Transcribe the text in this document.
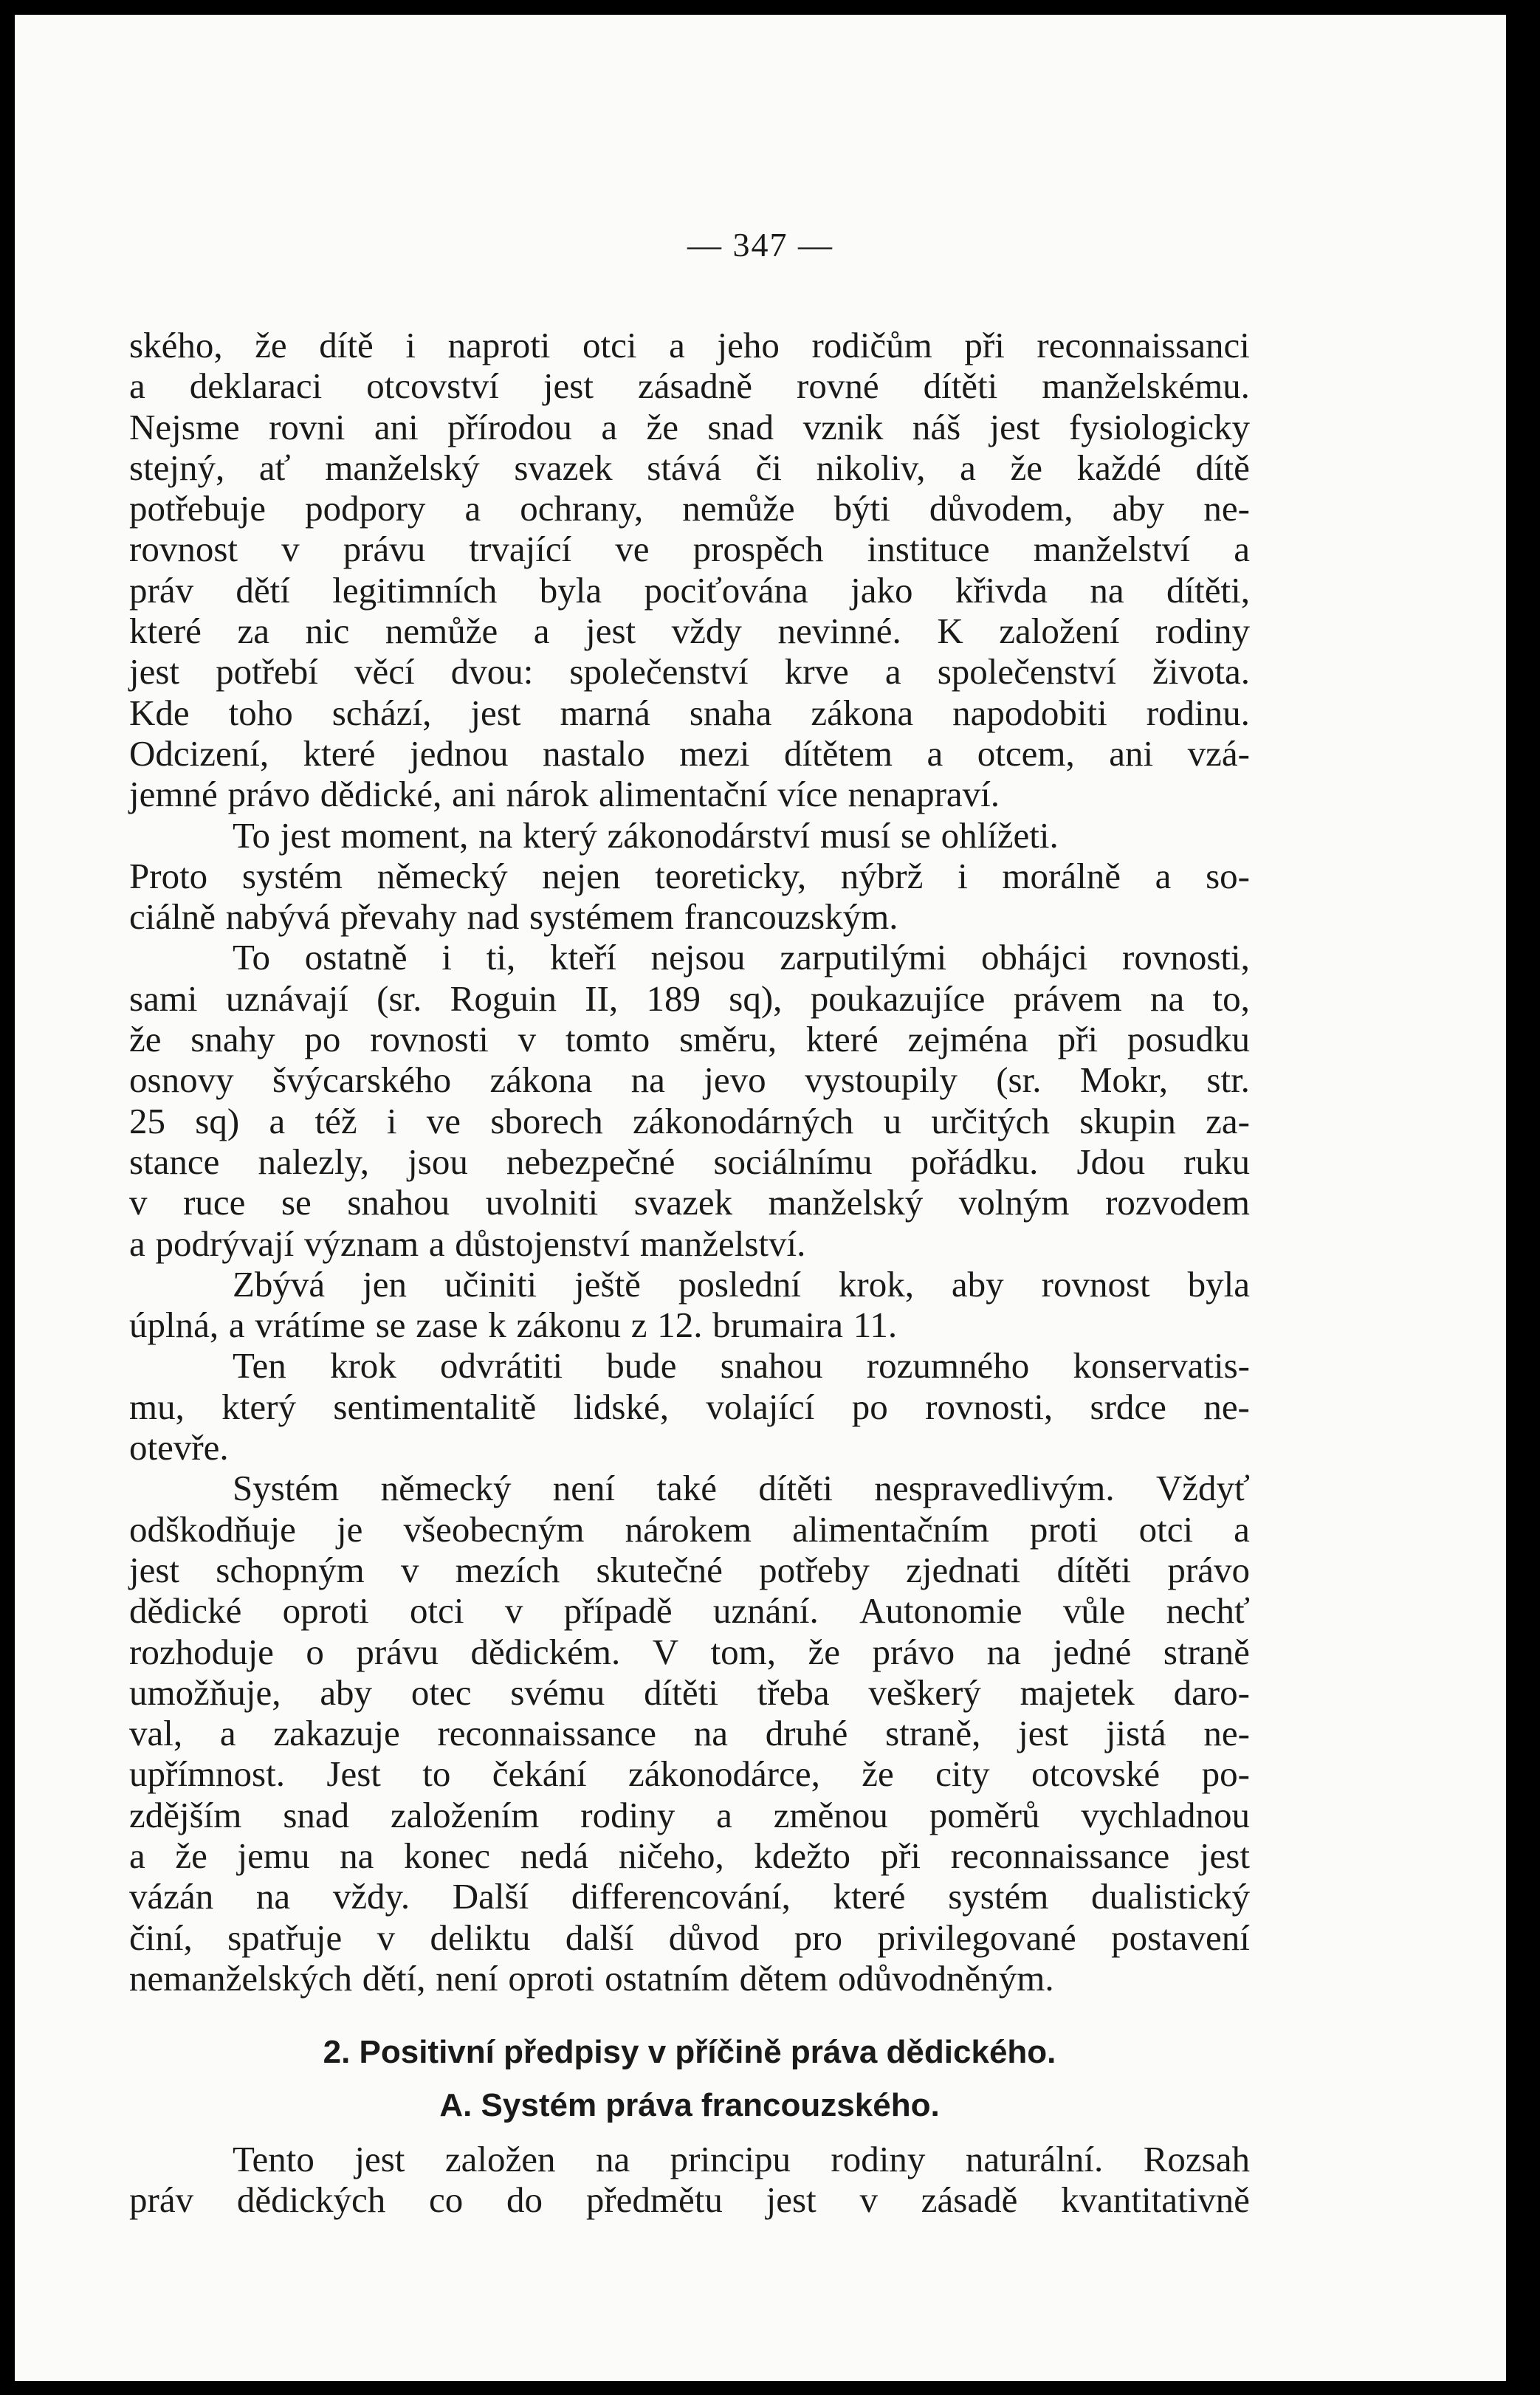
— 347 —
ského, že dítě i naproti otci a jeho rodičům při reconnaissanci
a deklaraci otcovství jest zásadně rovné dítěti manželskému.
Nejsme rovni ani přírodou a že snad vznik náš jest fysiologicky
stejný, ať manželský svazek stává či nikoliv, a že každé dítě
potřebuje podpory a ochrany, nemůže býti důvodem, aby ne-
rovnost v právu trvající ve prospěch instituce manželství a
práv dětí legitimních byla pociťována jako křivda na dítěti,
které za nic nemůže a jest vždy nevinné. K založení rodiny
jest potřebí věcí dvou: společenství krve a společenství života.
Kde toho schází, jest marná snaha zákona napodobiti rodinu.
Odcizení, které jednou nastalo mezi dítětem a otcem, ani vzá-
jemné právo dědické, ani nárok alimentační více nenapraví.
To jest moment, na který zákonodárství musí se ohlížeti.
Proto systém německý nejen teoreticky, nýbrž i morálně a so-
ciálně nabývá převahy nad systémem francouzským.
To ostatně i ti, kteří nejsou zarputilými obhájci rovnosti,
sami uznávají (sr. Roguin II, 189 sq), poukazujíce právem na to,
že snahy po rovnosti v tomto směru, které zejména při posudku
osnovy švýcarského zákona na jevo vystoupily (sr. Mokr, str.
25 sq) a též i ve sborech zákonodárných u určitých skupin za-
stance nalezly, jsou nebezpečné sociálnímu pořádku. Jdou ruku
v ruce se snahou uvolniti svazek manželský volným rozvodem
a podrývají význam a důstojenství manželství.
Zbývá jen učiniti ještě poslední krok, aby rovnost byla
úplná, a vrátíme se zase k zákonu z 12. brumaira 11.
Ten krok odvrátiti bude snahou rozumného konservatis-
mu, který sentimentalitě lidské, volající po rovnosti, srdce ne-
otevře.
Systém německý není také dítěti nespravedlivým. Vždyť
odškodňuje je všeobecným nárokem alimentačním proti otci a
jest schopným v mezích skutečné potřeby zjednati dítěti právo
dědické oproti otci v případě uznání. Autonomie vůle nechť
rozhoduje o právu dědickém. V tom, že právo na jedné straně
umožňuje, aby otec svému dítěti třeba veškerý majetek daro-
val, a zakazuje reconnaissance na druhé straně, jest jistá ne-
upřímnost. Jest to čekání zákonodárce, že city otcovské po-
zdějším snad založením rodiny a změnou poměrů vychladnou
a že jemu na konec nedá ničeho, kdežto při reconnaissance jest
vázán na vždy. Další differencování, které systém dualistický
činí, spatřuje v deliktu další důvod pro privilegované postavení
nemanželských dětí, není oproti ostatním dětem odůvodněným.
2. Positivní předpisy v příčině práva dědického.
A. Systém práva francouzského.
Tento jest založen na principu rodiny naturální. Rozsah
práv dědických co do předmětu jest v zásadě kvantitativně
